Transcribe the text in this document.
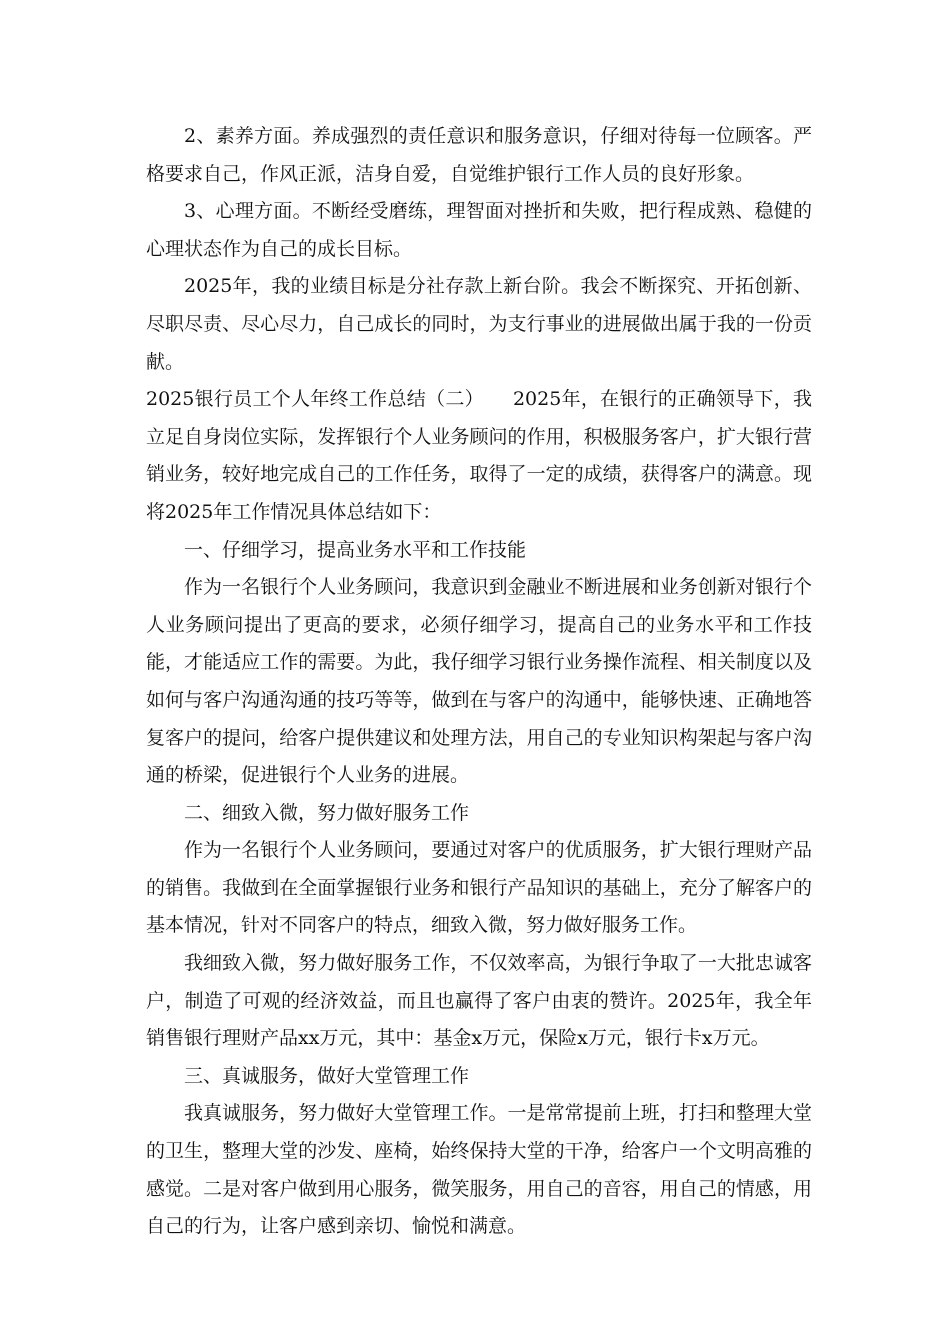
2、素养方面。养成强烈的责任意识和服务意识，仔细对待每一位顾客。严格要求自己，作风正派，洁身自爱，自觉维护银行工作人员的良好形象。

3、心理方面。不断经受磨练，理智面对挫折和失败，把行程成熟、稳健的心理状态作为自己的成长目标。

2025年，我的业绩目标是分社存款上新台阶。我会不断探究、开拓创新、尽职尽责、尽心尽力，自己成长的同时，为支行事业的进展做出属于我的一份贡献。

2025银行员工个人年终工作总结（二）　　2025年，在银行的正确领导下，我立足自身岗位实际，发挥银行个人业务顾问的作用，积极服务客户，扩大银行营销业务，较好地完成自己的工作任务，取得了一定的成绩，获得客户的满意。现将2025年工作情况具体总结如下：

一、仔细学习，提高业务水平和工作技能

作为一名银行个人业务顾问，我意识到金融业不断进展和业务创新对银行个人业务顾问提出了更高的要求，必须仔细学习，提高自己的业务水平和工作技能，才能适应工作的需要。为此，我仔细学习银行业务操作流程、相关制度以及如何与客户沟通沟通的技巧等等，做到在与客户的沟通中，能够快速、正确地答复客户的提问，给客户提供建议和处理方法，用自己的专业知识构架起与客户沟通的桥梁，促进银行个人业务的进展。

二、细致入微，努力做好服务工作

作为一名银行个人业务顾问，要通过对客户的优质服务，扩大银行理财产品的销售。我做到在全面掌握银行业务和银行产品知识的基础上，充分了解客户的基本情况，针对不同客户的特点，细致入微，努力做好服务工作。

我细致入微，努力做好服务工作，不仅效率高，为银行争取了一大批忠诚客户，制造了可观的经济效益，而且也赢得了客户由衷的赞许。2025年，我全年销售银行理财产品xx万元，其中：基金x万元，保险x万元，银行卡x万元。

三、真诚服务，做好大堂管理工作

我真诚服务，努力做好大堂管理工作。一是常常提前上班，打扫和整理大堂的卫生，整理大堂的沙发、座椅，始终保持大堂的干净，给客户一个文明高雅的感觉。二是对客户做到用心服务，微笑服务，用自己的音容，用自己的情感，用自己的行为，让客户感到亲切、愉悦和满意。
